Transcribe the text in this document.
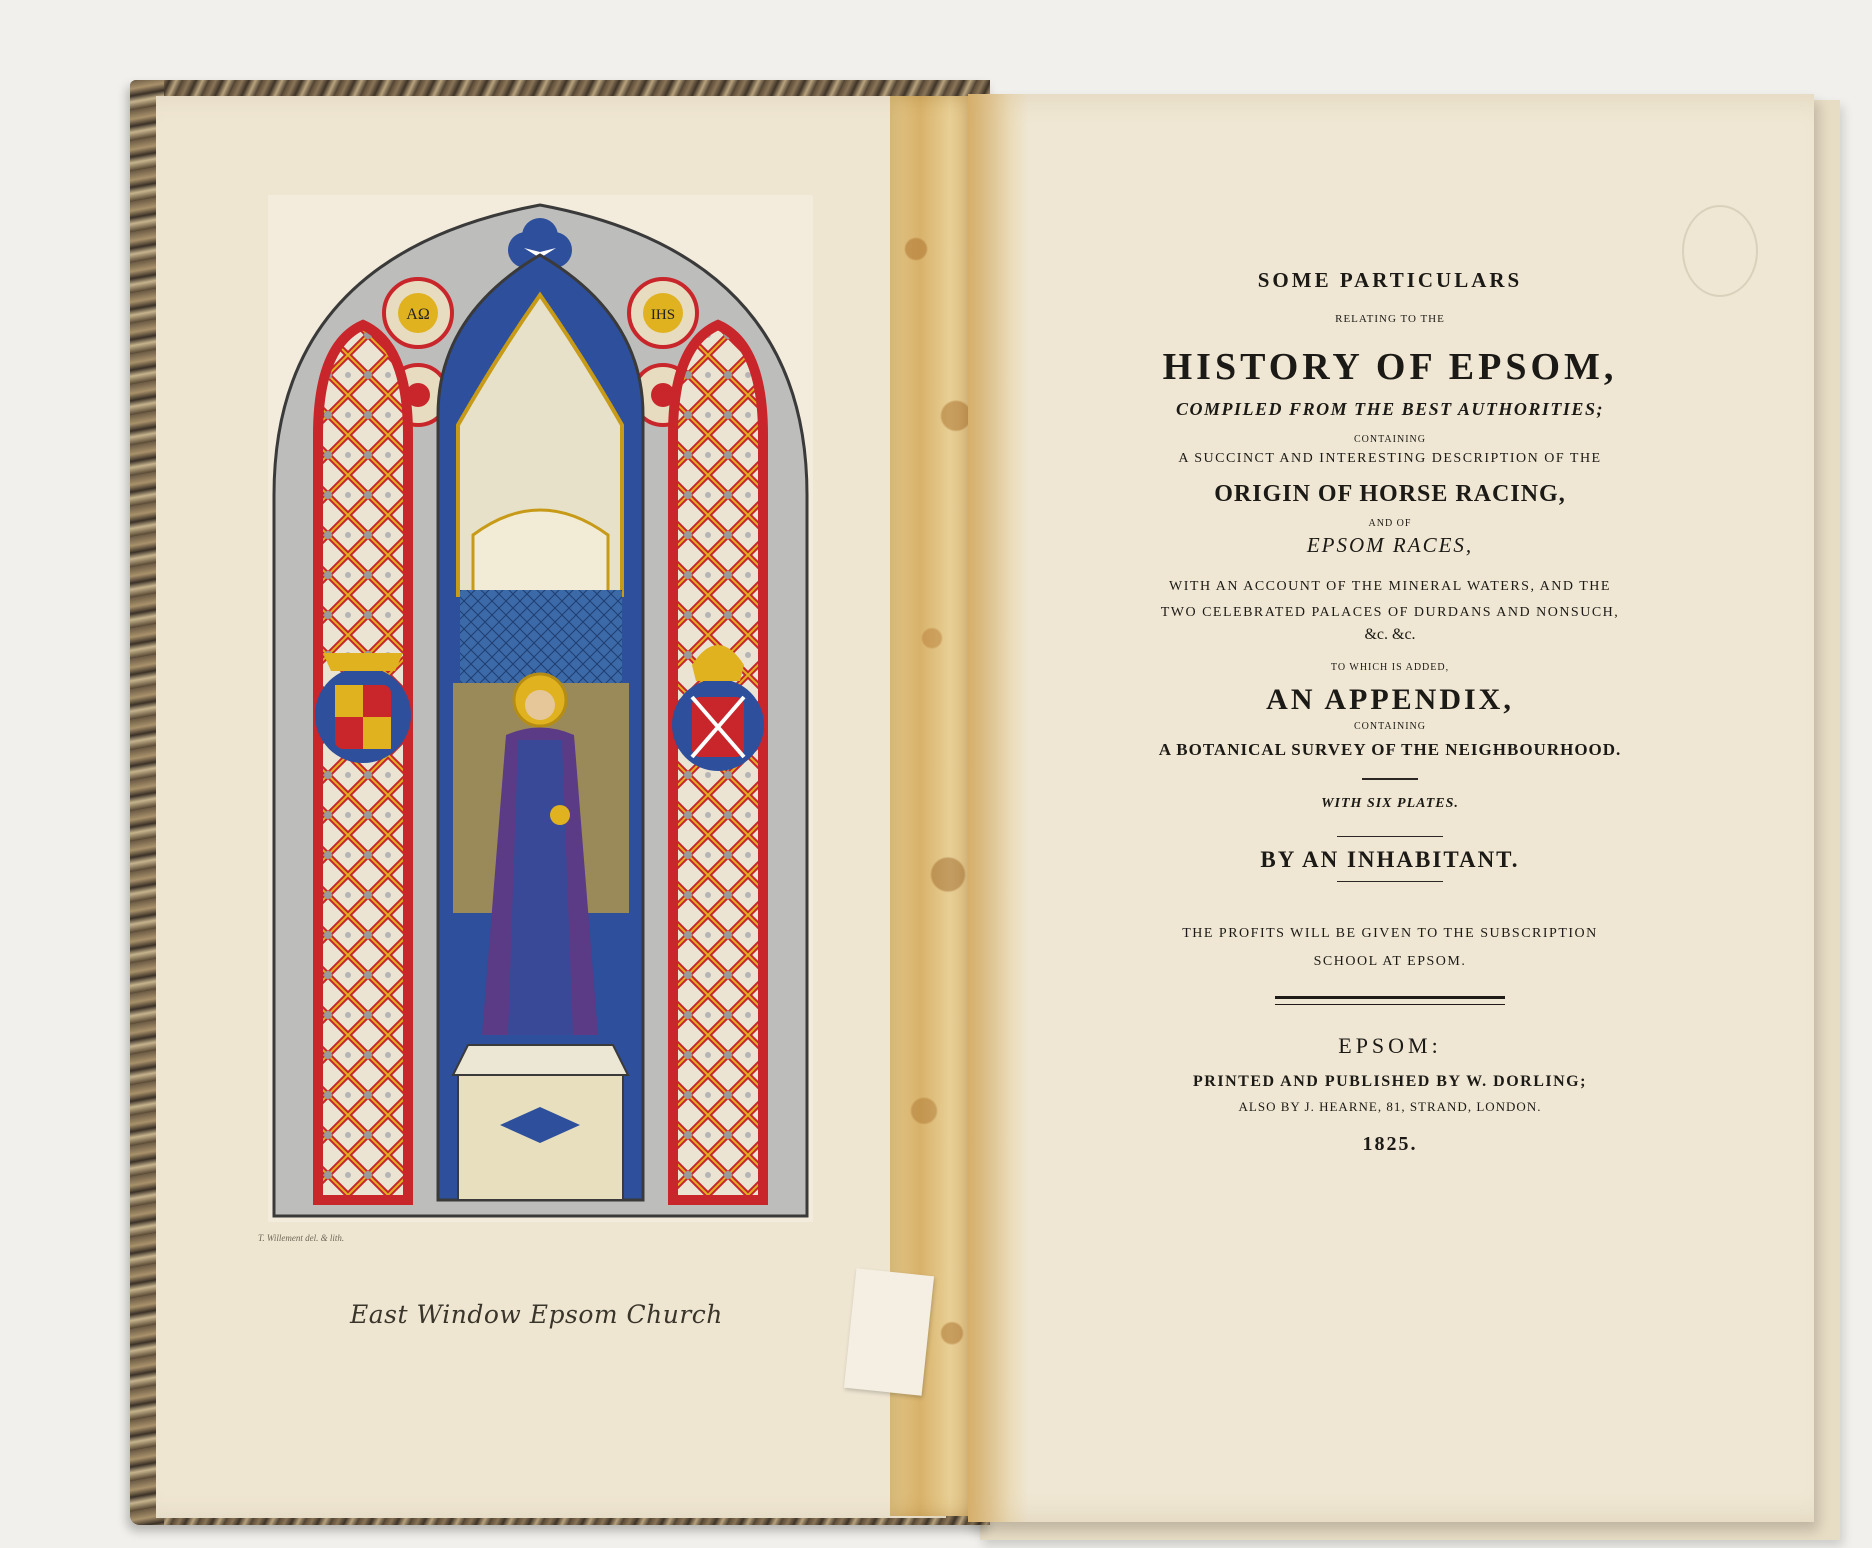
AΩ	IHS
T. Willement del. & lith.
East Window Epsom Church
SOME PARTICULARS
RELATING TO THE
HISTORY OF EPSOM,
COMPILED FROM THE BEST AUTHORITIES;
CONTAINING
A SUCCINCT AND INTERESTING DESCRIPTION OF THE
ORIGIN OF HORSE RACING,
AND OF
EPSOM RACES,
WITH AN ACCOUNT OF THE MINERAL WATERS, AND THE
TWO CELEBRATED PALACES OF DURDANS AND NONSUCH,
&c. &c.
TO WHICH IS ADDED,
AN APPENDIX,
CONTAINING
A BOTANICAL SURVEY OF THE NEIGHBOURHOOD.
WITH SIX PLATES.
BY AN INHABITANT.
THE PROFITS WILL BE GIVEN TO THE SUBSCRIPTION
SCHOOL AT EPSOM.
EPSOM:
PRINTED AND PUBLISHED BY W. DORLING;
ALSO BY J. HEARNE, 81, STRAND, LONDON.
1825.
